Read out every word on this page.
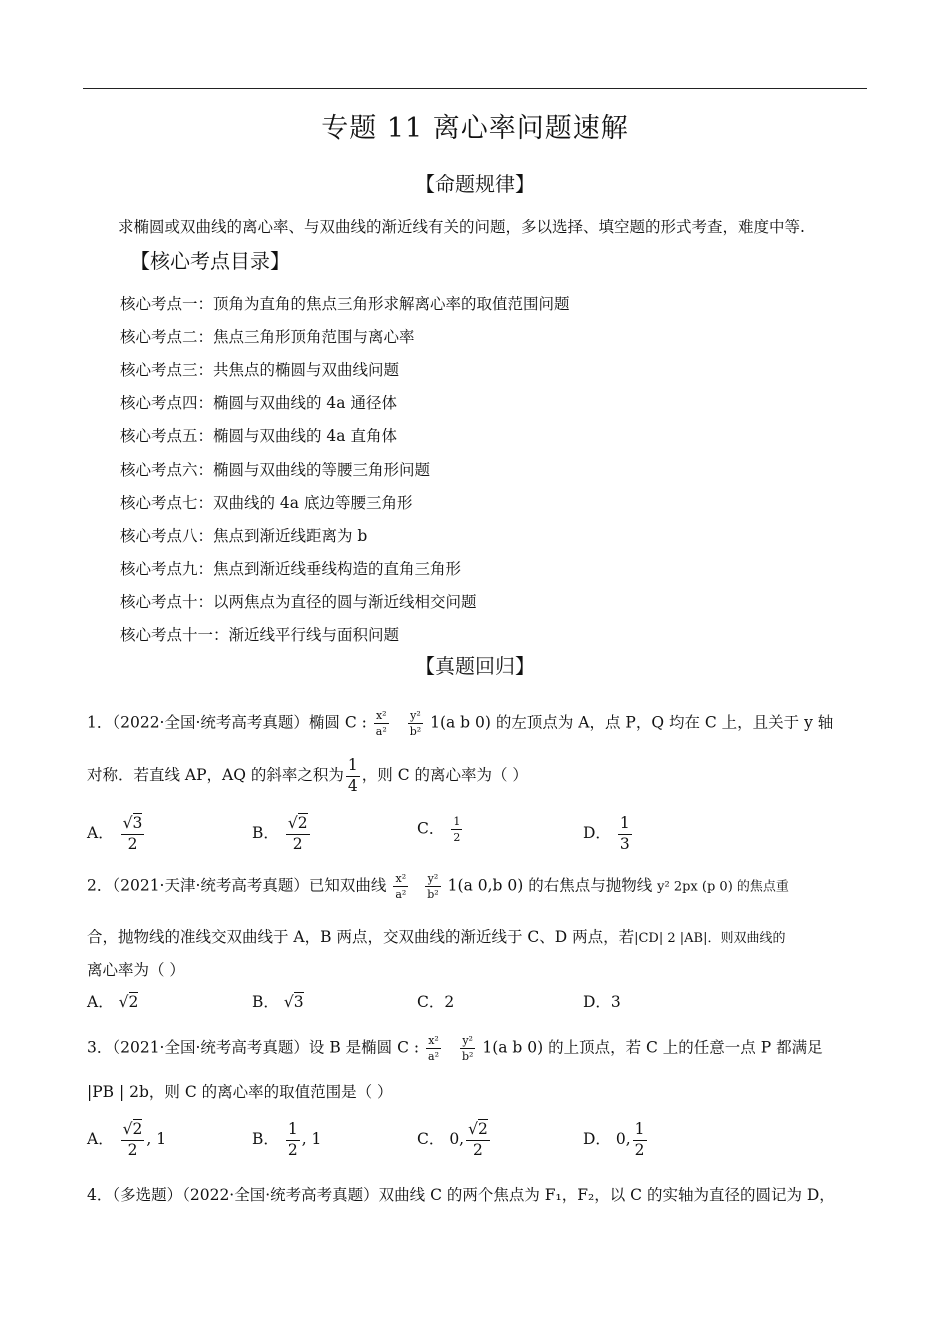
专题 11 离心率问题速解
【命题规律】
求椭圆或双曲线的离心率、与双曲线的渐近线有关的问题，多以选择、填空题的形式考查，难度中等.
【核心考点目录】
核心考点一：顶角为直角的焦点三角形求解离心率的取值范围问题
核心考点二：焦点三角形顶角范围与离心率
核心考点三：共焦点的椭圆与双曲线问题
核心考点四：椭圆与双曲线的 4a 通径体
核心考点五：椭圆与双曲线的 4a 直角体
核心考点六：椭圆与双曲线的等腰三角形问题
核心考点七：双曲线的 4a 底边等腰三角形
核心考点八：焦点到渐近线距离为 b
核心考点九：焦点到渐近线垂线构造的直角三角形
核心考点十：以两焦点为直径的圆与渐近线相交问题
核心考点十一：渐近线平行线与面积问题
【真题回归】
1．（2022·全国·统考高考真题）椭圆 C : $\frac{\text{x²}}{\text{a²}}$
$\frac{\text{y²}}{\text{b²}} 1(a$ b 0) 的左顶点为 A，点 P，Q 均在 C 上，且关于 y 轴
对称．若直线 AP，AQ 的斜率之积为 $\frac{1}{4}$ ，则 C 的离心率为（ ）
A． $\frac{√3}{2}$	B． $\frac{√2}{2}$	C． $\frac{1}{2}$	D． $\frac{1}{3}$
2．（2021·天津·统考高考真题）已知双曲线 $\frac{\text{x²}}{\text{a²}}$
$\frac{\text{y²}}{\text{b²}} 1(a$ 0,b 0) 的右焦点与抛物线 y² 2px (p 0) 的焦点重
合，抛物线的准线交双曲线于 A，B 两点，交双曲线的渐近线于 C、D 两点，若|CD| 2 |AB|．则双曲线的
离心率为（ ）
A． √2	B． √3	C．2	D．3
3．（2021·全国·统考高考真题）设 B 是椭圆 C : $\frac{\text{x²}}{\text{a²}}$
$\frac{\text{y²}}{\text{b²}} 1(a$ b 0) 的上顶点，若 C 上的任意一点 P 都满足
|PB | 2b，则 C 的离心率的取值范围是（ ）
A． $\frac{√2}{2}$ , 1	B． $\frac{1}{2}$ , 1	C． 0, $\frac{√2}{2}$	D． 0, $\frac{1}{2}$
4．（多选题）（2022·全国·统考高考真题）双曲线 C 的两个焦点为 F₁，F₂，以 C 的实轴为直径的圆记为 D，
